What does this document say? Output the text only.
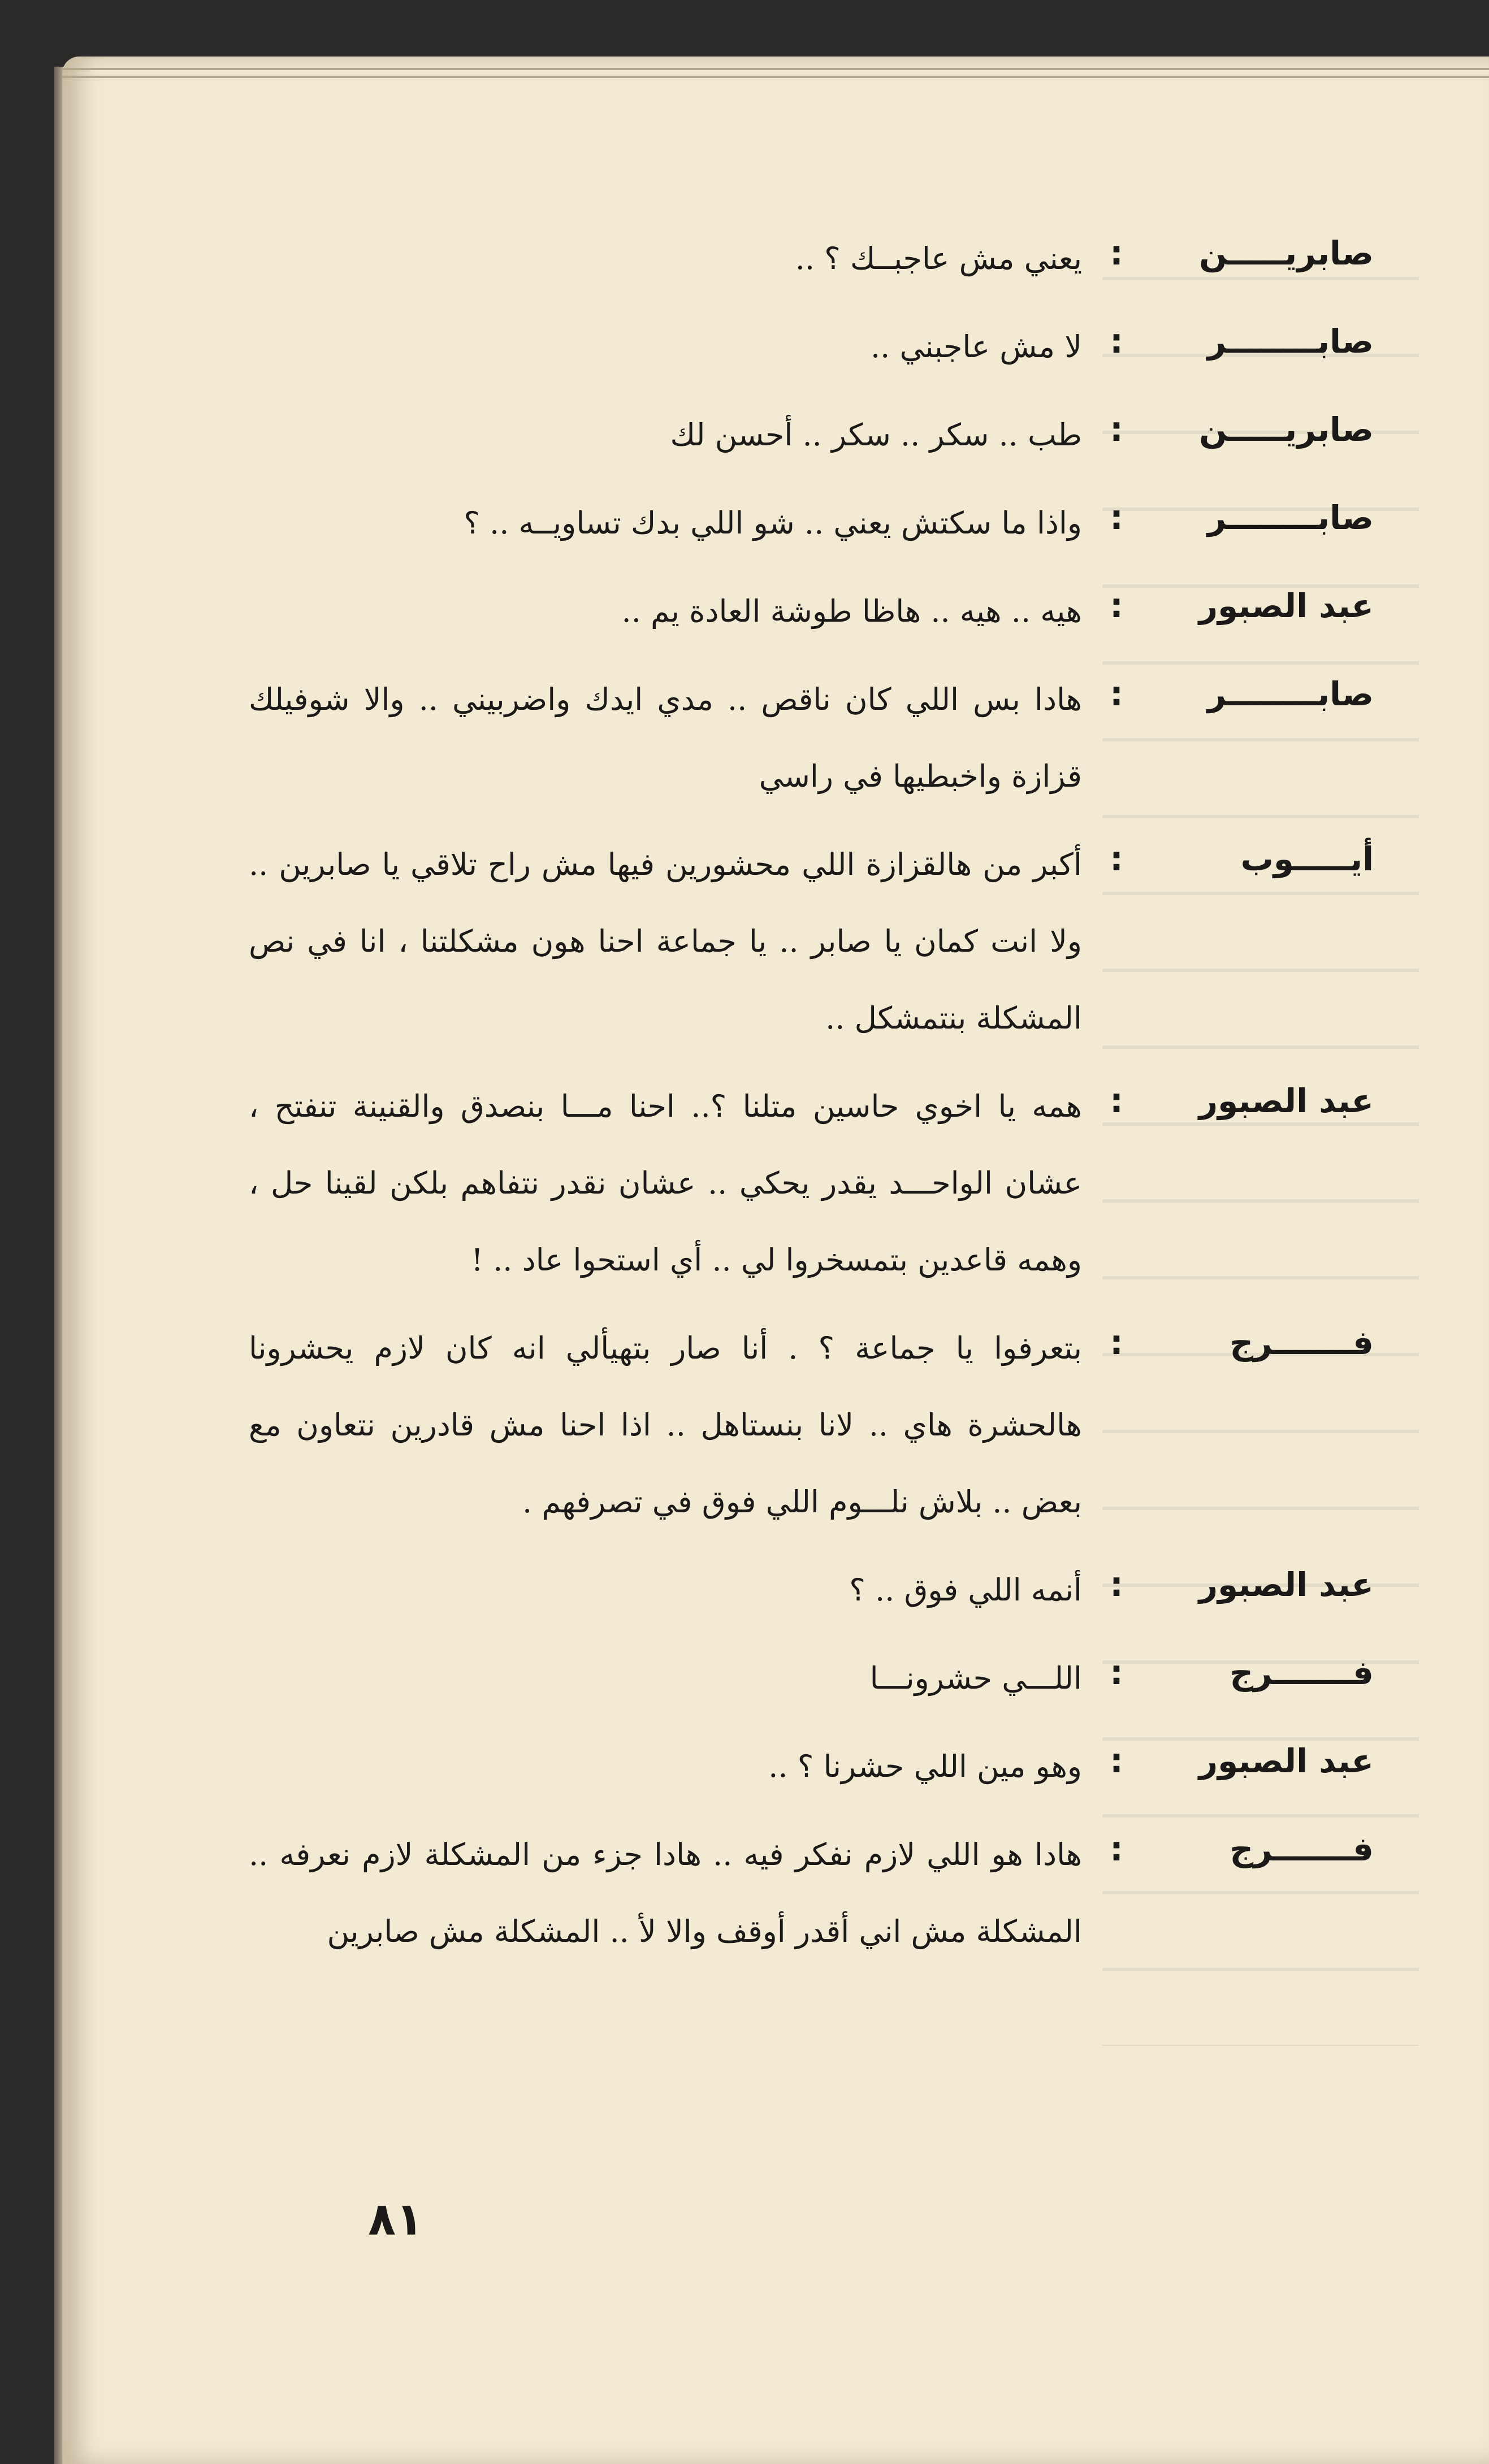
صابريـــــن
:
يعني مش عاجبــك ؟ ..
صابــــــــر
:
لا مش عاجبني ..
صابريـــــن
:
طب .. سكر .. سكر .. أحسن لك
صابــــــــر
:
واذا ما سكتش يعني .. شو اللي بدك تساويــه .. ؟
عبد الصبور
:
هيه .. هيه .. هاظا طوشة العادة يم ..
صابــــــــر
:
هادا بس اللي كان ناقص .. مدي ايدك واضربيني .. والا شوفيلك قزازة واخبطيها في راسي
أيـــــوب
:
أكبر من هالقزازة اللي محشورين فيها مش راح تلاقي يا صابرين .. ولا انت كمان يا صابر .. يا جماعة احنا هون مشكلتنا ، انا في نص المشكلة بنتمشكل ..
عبد الصبور
:
همه يا اخوي حاسين متلنا ؟.. احنا مـــا بنصدق والقنينة تنفتح ، عشان الواحـــد يقدر يحكي .. عشان نقدر نتفاهم بلكن لقينا حل ، وهمه قاعدين بتمسخروا لي .. أي استحوا عاد .. !
فـــــــرج
:
بتعرفوا يا جماعة ؟ . أنا صار بتهيألي انه كان لازم يحشرونا هالحشرة هاي .. لانا بنستاهل .. اذا احنا مش قادرين نتعاون مع بعض .. بلاش نلـــوم اللي فوق في تصرفهم .
عبد الصبور
:
أنمه اللي فوق .. ؟
فـــــــرج
:
اللـــي حشرونـــا
عبد الصبور
:
وهو مين اللي حشرنا ؟ ..
فـــــــرج
:
هادا هو اللي لازم نفكر فيه .. هادا جزء من المشكلة لازم نعرفه .. المشكلة مش اني أقدر أوقف والا لأ .. المشكلة مش صابرين
٨١
